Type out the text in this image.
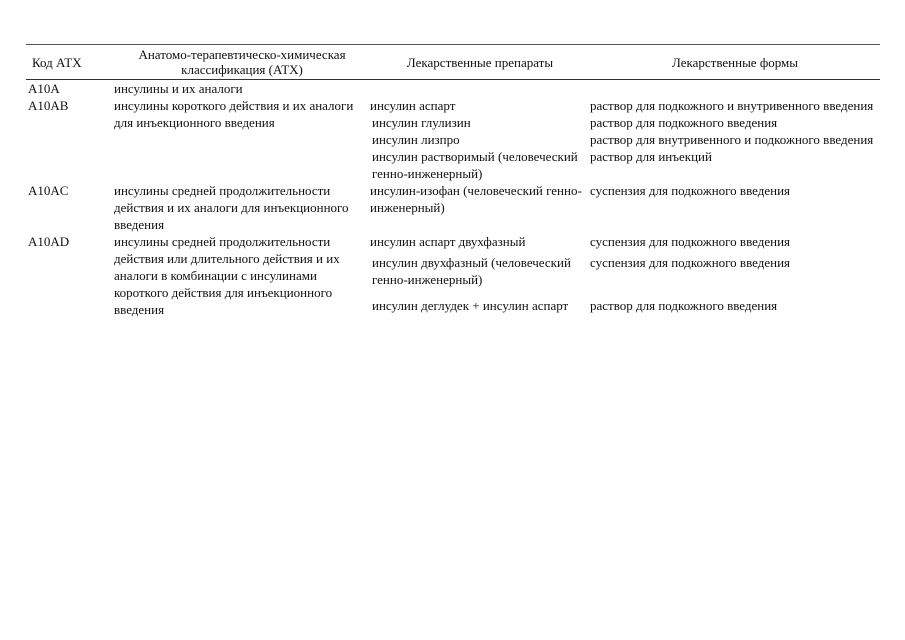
Код АТХ	Анатомо-терапевтическо-химическая классификация (АТХ)	Лекарственные препараты	Лекарственные формы
A10A	инсулины и их аналоги		
A10AB	инсулины короткого действия и их аналоги для инъекционного введения	инсулин аспарт	раствор для подкожного и внутривенного введения
		инсулин глулизин	раствор для подкожного введения
		инсулин лизпро	раствор для внутривенного и подкожного введения
		инсулин растворимый (человеческий генно-инженерный)	раствор для инъекций
A10AC	инсулины средней продолжительности действия и их аналоги для инъекционного введения	инсулин-изофан (человеческий генно-инженерный)	суспензия для подкожного введения
A10AD	инсулины средней продолжительности действия или длительного действия и их аналоги в комбинации с инсулинами короткого действия для инъекционного введения	инсулин аспарт двухфазный	суспензия для подкожного введения
		инсулин двухфазный (человеческий генно-инженерный)	суспензия для подкожного введения
		инсулин деглудек + инсулин аспарт	раствор для подкожного введения
